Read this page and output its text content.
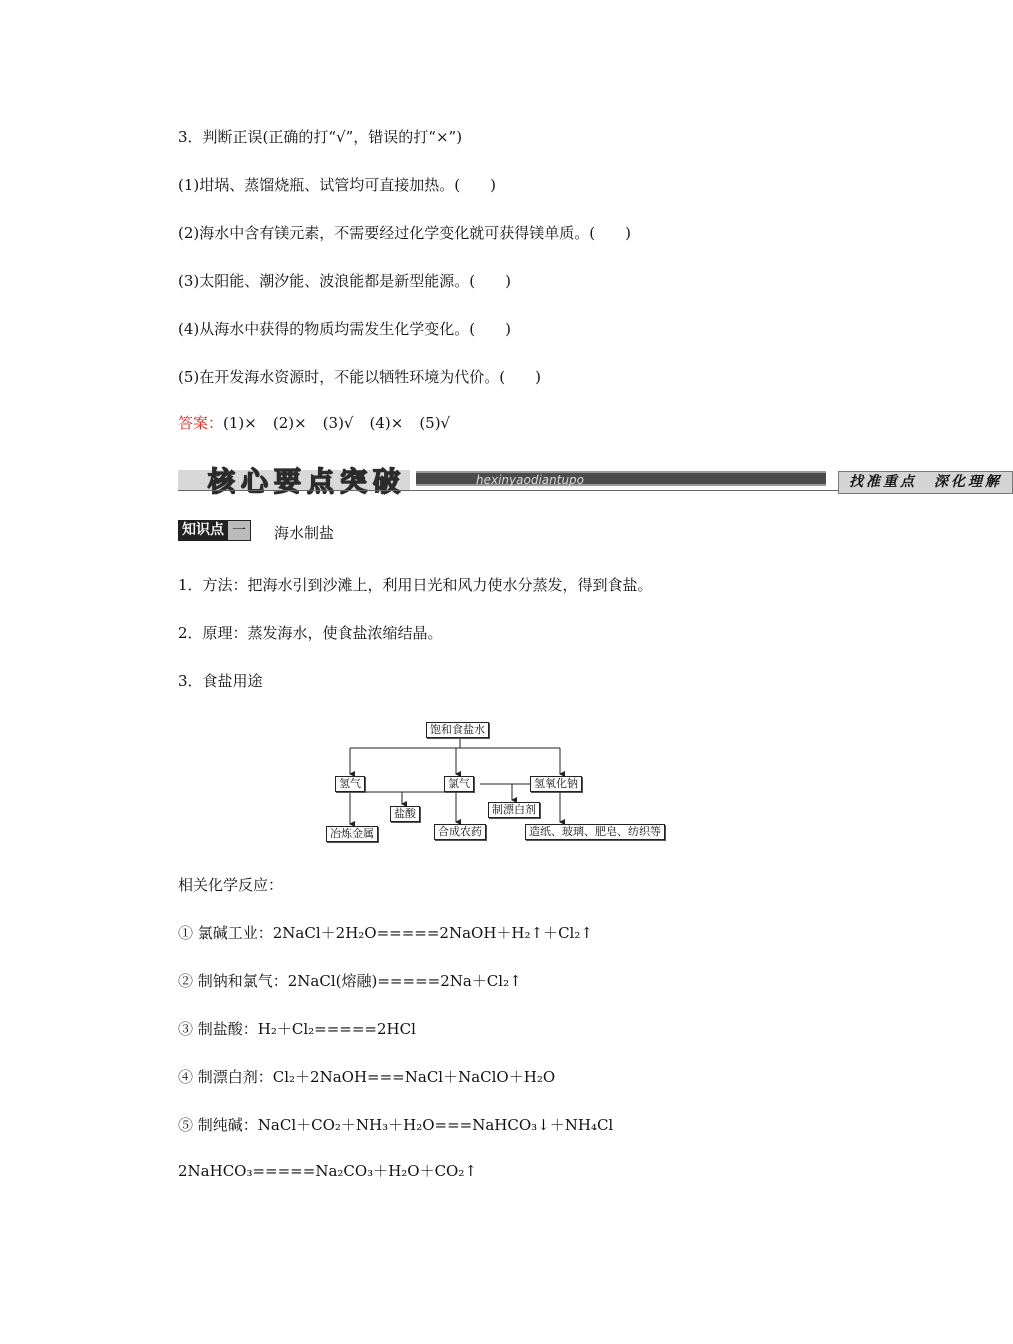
3．判断正误(正确的打“√”，错误的打“×”)
(1)坩埚、蒸馏烧瓶、试管均可直接加热。(　　)
(2)海水中含有镁元素，不需要经过化学变化就可获得镁单质。(　　)
(3)太阳能、潮汐能、波浪能都是新型能源。(　　)
(4)从海水中获得的物质均需发生化学变化。(　　)
(5)在开发海水资源时，不能以牺牲环境为代价。(　　)
答案：(1)× (2)× (3)√ (4)× (5)√
核心要点突破	hexinyaodiantupo	找准重点　深化理解
知识点 一	海水制盐
1．方法：把海水引到沙滩上，利用日光和风力使水分蒸发，得到食盐。
2．原理：蒸发海水，使食盐浓缩结晶。
3．食盐用途
饱和食盐水
氢气	氯气	氢氧化钠
盐酸	制漂白剂
冶炼金属	合成农药	造纸、玻璃、肥皂、纺织等
相关化学反应：
① 氯碱工业：2NaCl＋2H₂O=====2NaOH＋H₂↑＋Cl₂↑
② 制钠和氯气：2NaCl(熔融)=====2Na＋Cl₂↑
③ 制盐酸：H₂＋Cl₂=====2HCl
④ 制漂白剂：Cl₂＋2NaOH===NaCl＋NaClO＋H₂O
⑤ 制纯碱：NaCl＋CO₂＋NH₃＋H₂O===NaHCO₃↓＋NH₄Cl
2NaHCO₃=====Na₂CO₃＋H₂O＋CO₂↑
